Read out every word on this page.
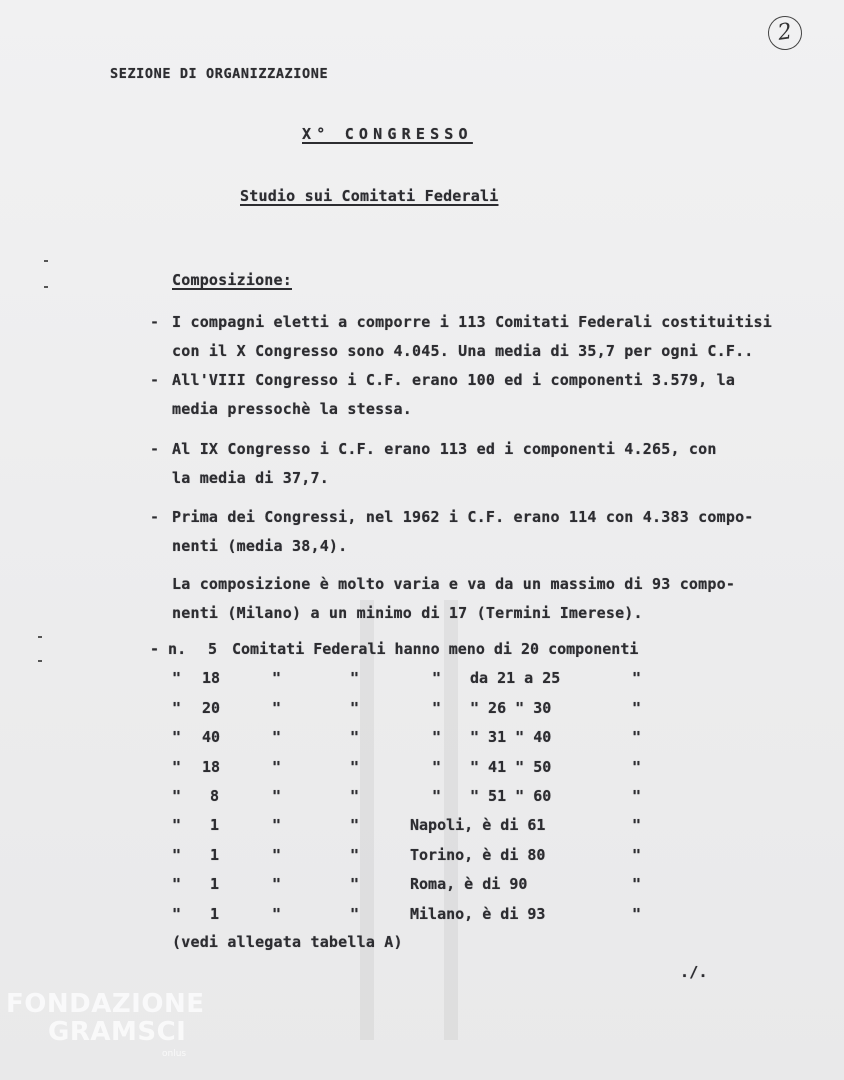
2
SEZIONE DI ORGANIZZAZIONE
X° CONGRESSO
Studio sui Comitati Federali
Composizione:
- I compagni eletti a comporre i 113 Comitati Federali costituitisi
con il X Congresso sono 4.045. Una media di 35,7 per ogni C.F..
- All'VIII Congresso i C.F. erano 100 ed i componenti 3.579, la
media pressochè la stessa.
- Al IX Congresso i C.F. erano 113 ed i componenti 4.265, con
la media di 37,7.
- Prima dei Congressi, nel 1962 i C.F. erano 114 con 4.383 compo-
nenti (media 38,4).
La composizione è molto varia e va da un massimo di 93 compo-
nenti (Milano) a un minimo di 17 (Termini Imerese).
- n. 5 Comitati Federali hanno meno di 20 componenti
" 18	"	"	" da 21 a 25	"
" 20	"	"	" " 26 " 30	"
" 40	"	"	" " 31 " 40	"
" 18	"	"	" " 41 " 50	"
" 8	"	"	" " 51 " 60	"
" 1	"	"	Napoli, è di 61	"
" 1	"	"	Torino, è di 80	"
" 1	"	"	Roma, è di 90	"
" 1	"	"	Milano, è di 93	"
(vedi allegata tabella A)
./.
FONDAZIONE
GRAMSCI
onlus
